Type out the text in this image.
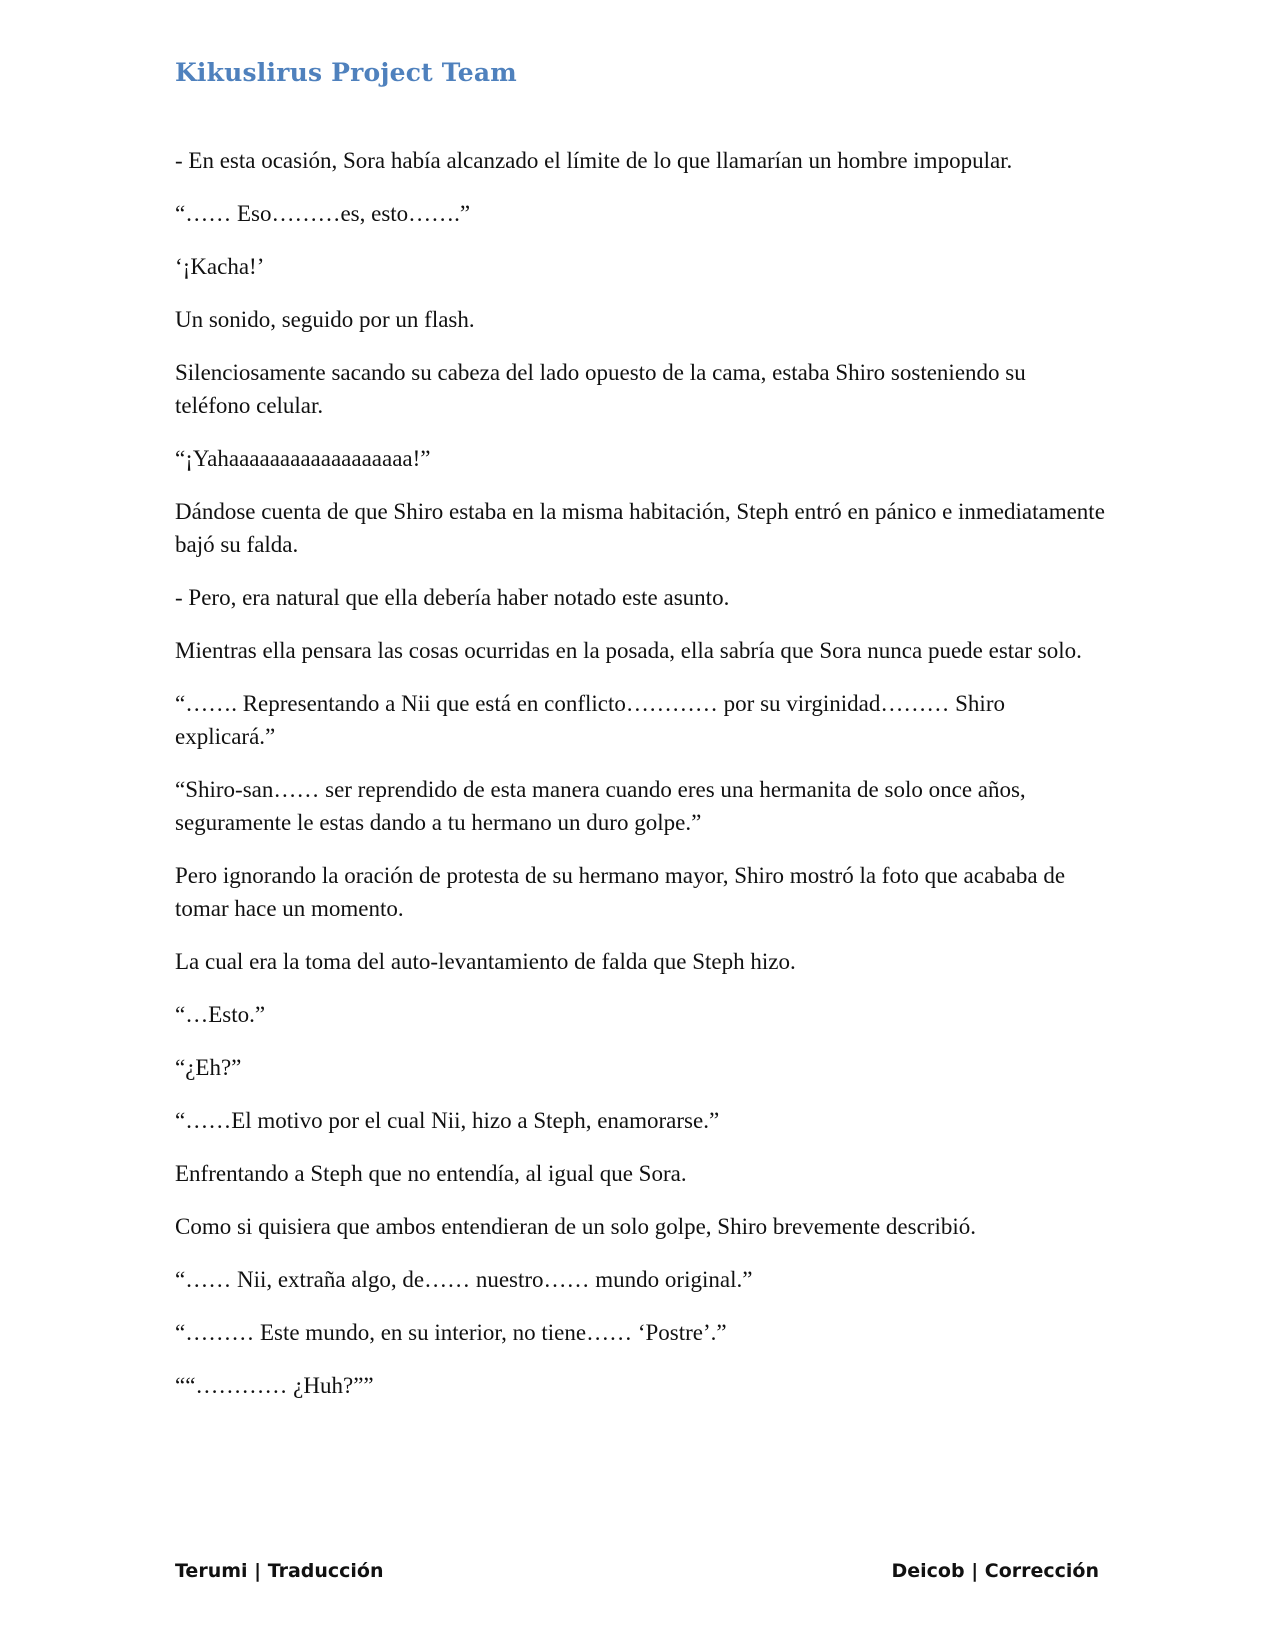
Kikuslirus Project Team

- En esta ocasión, Sora había alcanzado el límite de lo que llamarían un hombre impopular.

“…… Eso………es, esto…….”

‘¡Kacha!’

Un sonido, seguido por un flash.

Silenciosamente sacando su cabeza del lado opuesto de la cama, estaba Shiro sosteniendo su teléfono celular.

“¡Yahaaaaaaaaaaaaaaaaaa!”

Dándose cuenta de que Shiro estaba en la misma habitación, Steph entró en pánico e inmediatamente bajó su falda.

- Pero, era natural que ella debería haber notado este asunto.

Mientras ella pensara las cosas ocurridas en la posada, ella sabría que Sora nunca puede estar solo.

“……. Representando a Nii que está en conflicto………… por su virginidad……… Shiro explicará.”

“Shiro-san…… ser reprendido de esta manera cuando eres una hermanita de solo once años, seguramente le estas dando a tu hermano un duro golpe.”

Pero ignorando la oración de protesta de su hermano mayor, Shiro mostró la foto que acababa de tomar hace un momento.

La cual era la toma del auto-levantamiento de falda que Steph hizo.

“…Esto.”

“¿Eh?”

“……El motivo por el cual Nii, hizo a Steph, enamorarse.”

Enfrentando a Steph que no entendía, al igual que Sora.

Como si quisiera que ambos entendieran de un solo golpe, Shiro brevemente describió.

“…… Nii, extraña algo, de…… nuestro…… mundo original.”

“……… Este mundo, en su interior, no tiene…… ‘Postre’.”

““………… ¿Huh?””

Terumi | Traducción	Deicob | Corrección
